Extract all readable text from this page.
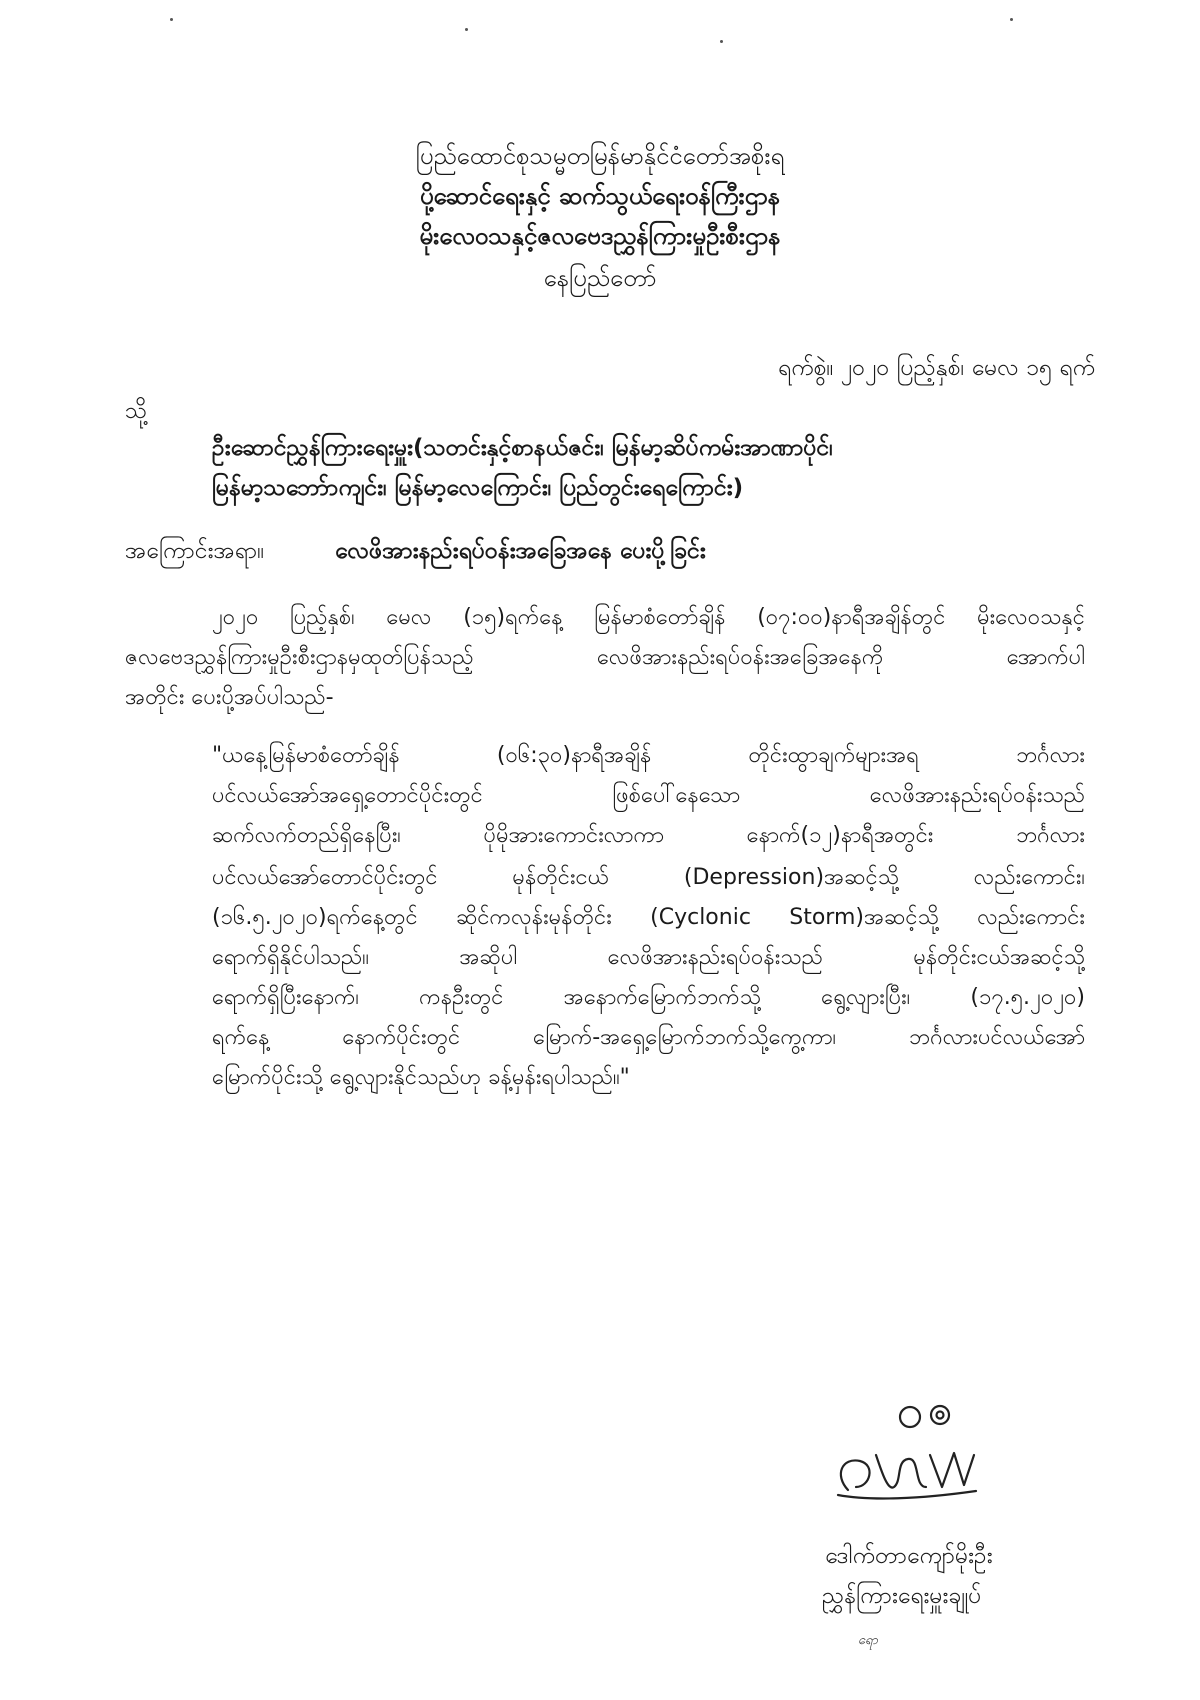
ပြည်ထောင်စုသမ္မတမြန်မာနိုင်ငံတော်အစိုးရ
ပို့ဆောင်ရေးနှင့် ဆက်သွယ်ရေးဝန်ကြီးဌာန
မိုးလေဝသနှင့်ဇလဗေဒညွှန်ကြားမှုဦးစီးဌာန
နေပြည်တော်
ရက်စွဲ။ ၂၀၂၀ ပြည့်နှစ်၊ မေလ ၁၅ ရက်
သို့
ဦးဆောင်ညွှန်ကြားရေးမှူး(သတင်းနှင့်စာနယ်ဇင်း၊ မြန်မာ့ဆိပ်ကမ်းအာဏာပိုင်၊
မြန်မာ့သဘော်ာကျင်း၊ မြန်မာ့လေကြောင်း၊ ပြည်တွင်းရေကြောင်း)
အကြောင်းအရာ။	လေဖိအားနည်းရပ်ဝန်းအခြေအနေ ပေးပို့ခြင်း
၂၀၂၀ ပြည့်နှစ်၊ မေလ (၁၅)ရက်နေ့ မြန်မာစံတော်ချိန် (၀၇:၀၀)နာရီအချိန်တွင် မိုးလေဝသနှင့်
ဇလဗေဒညွှန်ကြားမှုဦးစီးဌာနမှထုတ်ပြန်သည့် လေဖိအားနည်းရပ်ဝန်းအခြေအနေကို အောက်ပါ
အတိုင်း ပေးပို့အပ်ပါသည်-
"ယနေ့မြန်မာစံတော်ချိန် (၀၆:၃၀)နာရီအချိန် တိုင်းထွာချက်များအရ ဘင်္ဂလား
ပင်လယ်အော်အရှေ့တောင်ပိုင်းတွင် ဖြစ်ပေါ်နေသော လေဖိအားနည်းရပ်ဝန်းသည်
ဆက်လက်တည်ရှိနေပြီး၊ ပိုမိုအားကောင်းလာကာ နောက်(၁၂)နာရီအတွင်း ဘင်္ဂလား
ပင်လယ်အော်တောင်ပိုင်းတွင် မုန်တိုင်းငယ် (Depression)အဆင့်သို့ လည်းကောင်း၊
(၁၆.၅.၂၀၂၀)ရက်နေ့တွင် ဆိုင်ကလုန်းမုန်တိုင်း (Cyclonic Storm)အဆင့်သို့ လည်းကောင်း
ရောက်ရှိနိုင်ပါသည်။ အဆိုပါ လေဖိအားနည်းရပ်ဝန်းသည် မုန်တိုင်းငယ်အဆင့်သို့
ရောက်ရှိပြီးနောက်၊ ကနဦးတွင် အနောက်မြောက်ဘက်သို့ ရွေ့လျားပြီး၊ (၁၇.၅.၂၀၂၀)
ရက်နေ့ နောက်ပိုင်းတွင် မြောက်-အရှေ့မြောက်ဘက်သို့ကွေ့ကာ၊ ဘင်္ဂလားပင်လယ်အော်
မြောက်ပိုင်းသို့ ရွေ့လျားနိုင်သည်ဟု ခန့်မှန်းရပါသည်။"
ဒေါက်တာကျော်မိုးဦး
ညွှန်ကြားရေးမှူးချုပ်
ရော
